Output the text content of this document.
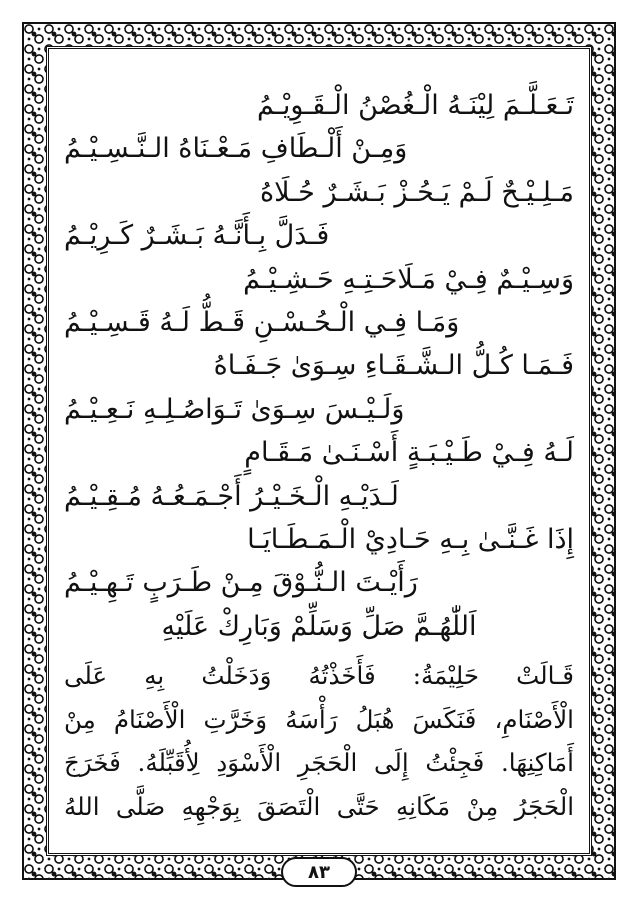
تَـعَـلَّـمَ لِيْنَـهُ الْـغُصْنُ الْـقَـوِيْـمُ
وَمِـنْ أَلْـطَافِ مَـعْـنَاهُ الـنَّـسِـيْـمُ
مَـلِـيْـحٌ لَـمْ يَـحُـزْ بَـشَـرٌ حُـلَاهُ
فَـدَلَّ بِـأَنَّـهُ بَـشَـرٌ كَـرِيْـمُ
وَسِـيْـمٌ فِـيْ مَـلَاحَـتِـهِ حَـشِـيْـمُ
وَمَـا فِـي الْـحُـسْـنِ قَـطُّ لَـهُ قَـسِـيْـمُ
فَـمَـا كُـلُّ الـشَّـقَـاءِ سِـوَىٰ جَـفَـاهُ
وَلَـيْـسَ سِـوَىٰ تَـوَاصُـلِـهِ نَـعِـيْـمُ
لَـهُ فِـيْ طَـيْـبَـةٍ أَسْـنَـىٰ مَـقَـامٍ
لَـدَيْـهِ الْـخَـيْـرُ أَجْـمَـعُـهُ مُـقِـيْـمُ
إِذَا غَـنَّـىٰ بِـهِ حَـادِيْ الْـمَـطَـايَـا
رَأَيْـتَ الـنُّـوْقَ مِـنْ طَـرَبٍ تَـهِـيْـمُ
اَللّٰهُـمَّ صَلِّ وَسَلِّمْ وَبَارِكْ عَلَيْهِ
قَـالَتْ حَلِيْمَةُ: فَأَخَذْتُهُ وَدَخَلْتُ بِهِ عَلَى
الْأَصْنَامِ، فَنَكَسَ هُبَلُ رَأْسَهُ وَخَرَّتِ الْأَصْنَامُ مِنْ
أَمَاكِنِهَا. فَجِئْتُ إِلَى الْحَجَرِ الْأَسْوَدِ لِأُقَبِّلَهُ. فَخَرَجَ
الْحَجَرُ مِنْ مَكَانِهِ حَتَّى الْتَصَقَ بِوَجْهِهِ صَلَّى اللهُ
٨٣
